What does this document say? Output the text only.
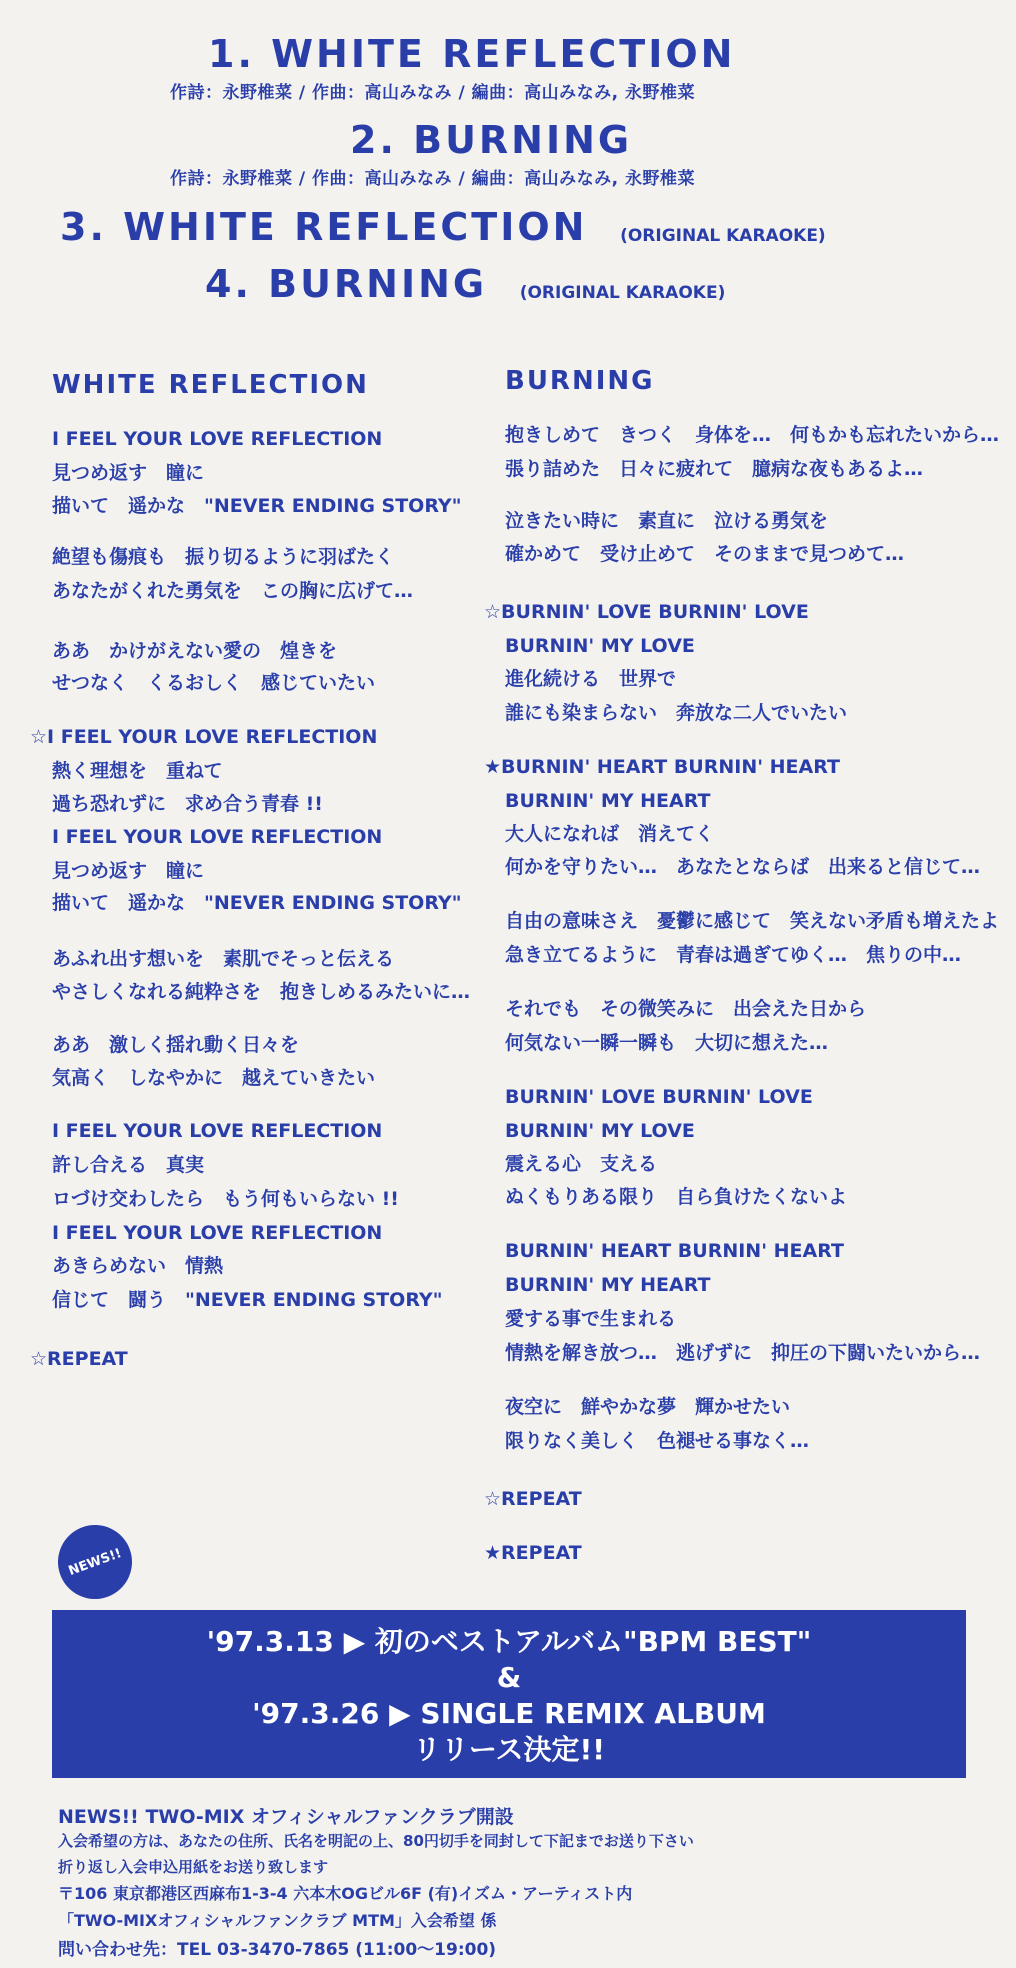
1. WHITE REFLECTION
作詩：永野椎菜 / 作曲：高山みなみ / 編曲：高山みなみ, 永野椎菜
2. BURNING
作詩：永野椎菜 / 作曲：高山みなみ / 編曲：高山みなみ, 永野椎菜
3. WHITE REFLECTION (ORIGINAL KARAOKE)
4. BURNING (ORIGINAL KARAOKE)
WHITE REFLECTION	BURNING
I FEEL YOUR LOVE REFLECTION
見つめ返す　瞳に
描いて　遥かな　"NEVER ENDING STORY"
絶望も傷痕も　振り切るように羽ばたく
あなたがくれた勇気を　この胸に広げて…
ああ　かけがえない愛の　煌きを
せつなく　くるおしく　感じていたい
☆I FEEL YOUR LOVE REFLECTION
熱く理想を　重ねて
過ち恐れずに　求め合う青春 !!
I FEEL YOUR LOVE REFLECTION
見つめ返す　瞳に
描いて　遥かな　"NEVER ENDING STORY"
あふれ出す想いを　素肌でそっと伝える
やさしくなれる純粋さを　抱きしめるみたいに…
ああ　激しく揺れ動く日々を
気高く　しなやかに　越えていきたい
I FEEL YOUR LOVE REFLECTION
許し合える　真実
ロづけ交わしたら　もう何もいらない !!
I FEEL YOUR LOVE REFLECTION
あきらめない　情熱
信じて　闘う　"NEVER ENDING STORY"
☆REPEAT
抱きしめて　きつく　身体を…　何もかも忘れたいから…
張り詰めた　日々に疲れて　臆病な夜もあるよ…
泣きたい時に　素直に　泣ける勇気を
確かめて　受け止めて　そのままで見つめて…
☆BURNIN' LOVE BURNIN' LOVE
BURNIN' MY LOVE
進化続ける　世界で
誰にも染まらない　奔放な二人でいたい
★BURNIN' HEART BURNIN' HEART
BURNIN' MY HEART
大人になれば　消えてく
何かを守りたい…　あなたとならば　出来ると信じて…
自由の意味さえ　憂鬱に感じて　笑えない矛盾も増えたよ
急き立てるように　青春は過ぎてゆく…　焦りの中…
それでも　その微笑みに　出会えた日から
何気ない一瞬一瞬も　大切に想えた…
BURNIN' LOVE BURNIN' LOVE
BURNIN' MY LOVE
震える心　支える
ぬくもりある限り　自ら負けたくないよ
BURNIN' HEART BURNIN' HEART
BURNIN' MY HEART
愛する事で生まれる
情熱を解き放つ…　逃げずに　抑圧の下闘いたいから…
夜空に　鮮やかな夢　輝かせたい
限りなく美しく　色褪せる事なく…
☆REPEAT
★REPEAT
NEWS!!
'97.3.13 ▶ 初のベストアルバム"BPM BEST"
&
'97.3.26 ▶ SINGLE REMIX ALBUM
リリース決定!!
NEWS!! TWO-MIX オフィシャルファンクラブ開設
入会希望の方は、あなたの住所、氏名を明記の上、80円切手を同封して下記までお送り下さい
折り返し入会申込用紙をお送り致します
〒106 東京都港区西麻布1-3-4 六本木OGビル6F (有)イズム・アーティスト内
「TWO-MIXオフィシャルファンクラブ MTM」入会希望 係
問い合わせ先：TEL 03-3470-7865 (11:00～19:00)
